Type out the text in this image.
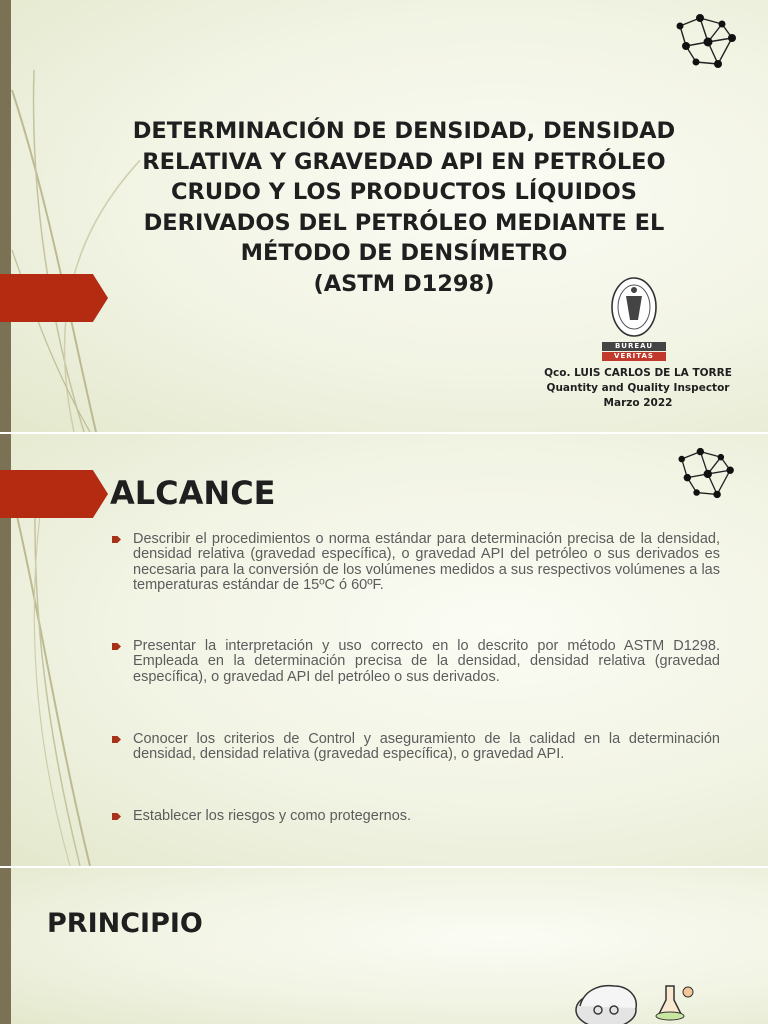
DETERMINACIÓN DE DENSIDAD, DENSIDAD
RELATIVA Y GRAVEDAD API EN PETRÓLEO
CRUDO Y LOS PRODUCTOS LÍQUIDOS
DERIVADOS DEL PETRÓLEO MEDIANTE EL
MÉTODO DE DENSÍMETRO
(ASTM D1298)
BUREAU
VERITAS
Qco. LUIS CARLOS DE LA TORRE
Quantity and Quality Inspector
Marzo 2022
ALCANCE
Describir el procedimientos o norma estándar para determinación precisa de la densidad, densidad relativa (gravedad específica), o gravedad API del petróleo o sus derivados es necesaria para la conversión de los volúmenes medidos a sus respectivos volúmenes a las temperaturas estándar de 15ºC ó 60ºF.
Presentar la interpretación y uso correcto en lo descrito por método ASTM D1298. Empleada en la determinación precisa de la densidad, densidad relativa (gravedad específica), o gravedad API del petróleo o sus derivados.
Conocer los criterios de Control y aseguramiento de la calidad en la determinación densidad, densidad relativa (gravedad específica), o gravedad API.
Establecer los riesgos y como protegernos.
PRINCIPIO
